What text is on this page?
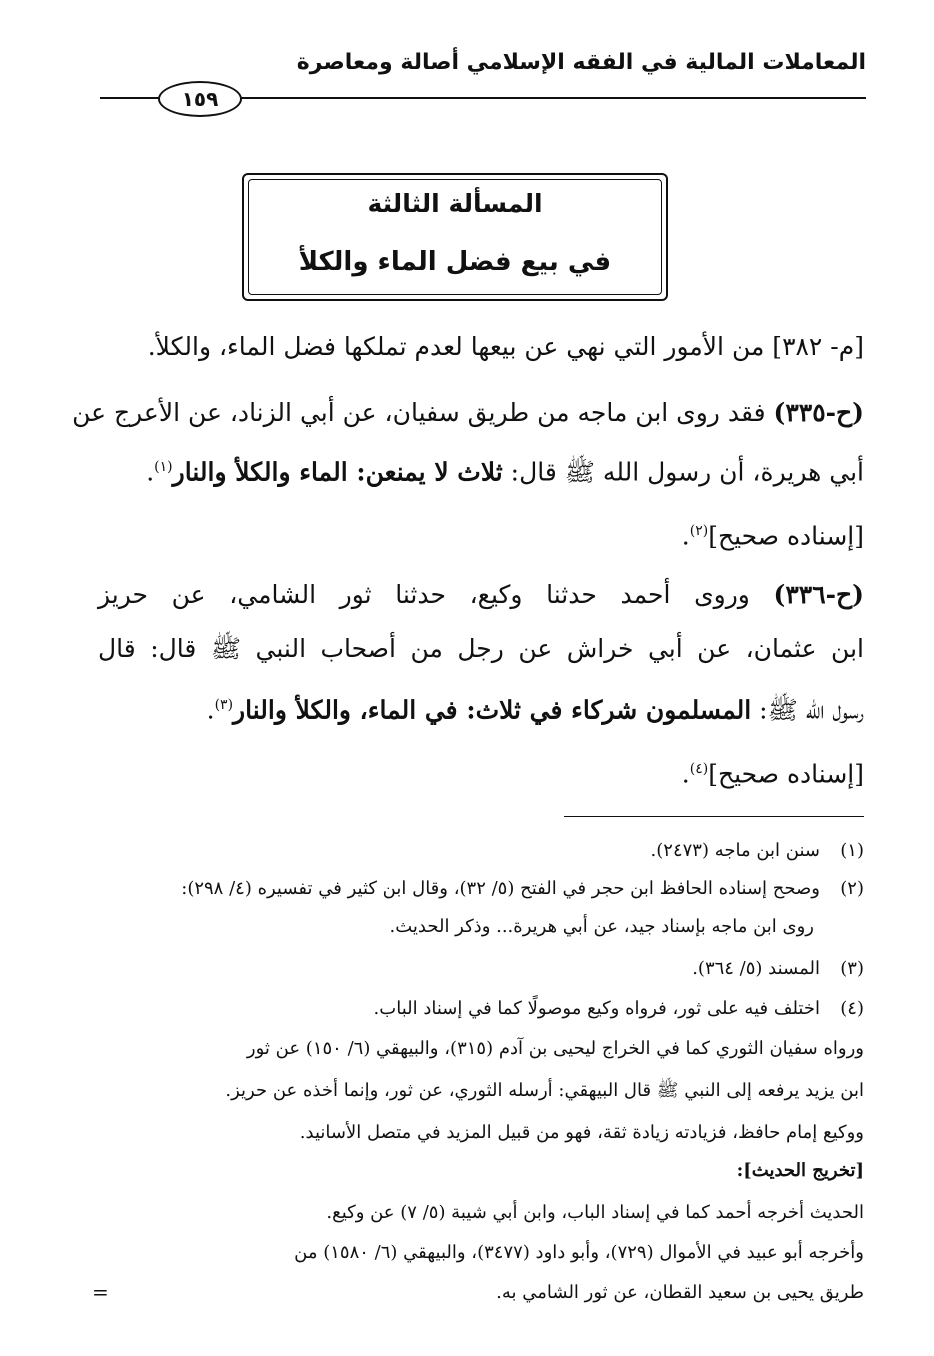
المعاملات المالية في الفقه الإسلامي أصالة ومعاصرة
١٥٩
المسألة الثالثة
في بيع فضل الماء والكلأ
[م- ٣٨٢] من الأمور التي نهي عن بيعها لعدم تملكها فضل الماء، والكلأ.
(ح-٣٣٥) فقد روى ابن ماجه من طريق سفيان، عن أبي الزناد، عن الأعرج عن
أبي هريرة، أن رسول الله ﷺ قال: ثلاث لا يمنعن: الماء والكلأ والنار$^{(١)}$.
[إسناده صحيح]$^{(٢)}$.
(ح-٣٣٦) وروى أحمد حدثنا وكيع، حدثنا ثور الشامي، عن حريز
ابن عثمان، عن أبي خراش عن رجل من أصحاب النبي ﷺ قال: قال
رسول الله ﷺ: المسلمون شركاء في ثلاث: في الماء، والكلأ والنار$^{(٣)}$.
[إسناده صحيح]$^{(٤)}$.
(١)سنن ابن ماجه (٢٤٧٣).
(٢)وصحح إسناده الحافظ ابن حجر في الفتح (٥/ ٣٢)، وقال ابن كثير في تفسيره (٤/ ٢٩٨):
روى ابن ماجه بإسناد جيد، عن أبي هريرة... وذكر الحديث.
(٣)المسند (٥/ ٣٦٤).
(٤)اختلف فيه على ثور، فرواه وكيع موصولًا كما في إسناد الباب.
ورواه سفيان الثوري كما في الخراج ليحيى بن آدم (٣١٥)، والبيهقي (٦/ ١٥٠) عن ثور
ابن يزيد يرفعه إلى النبي ﷺ قال البيهقي: أرسله الثوري، عن ثور، وإنما أخذه عن حريز.
ووكيع إمام حافظ، فزيادته زيادة ثقة، فهو من قبيل المزيد في متصل الأسانيد.
[تخريج الحديث]:
الحديث أخرجه أحمد كما في إسناد الباب، وابن أبي شيبة (٥/ ٧) عن وكيع.
وأخرجه أبو عبيد في الأموال (٧٢٩)، وأبو داود (٣٤٧٧)، والبيهقي (٦/ ١٥٨٠) من
طريق يحيى بن سعيد القطان، عن ثور الشامي به.
=
